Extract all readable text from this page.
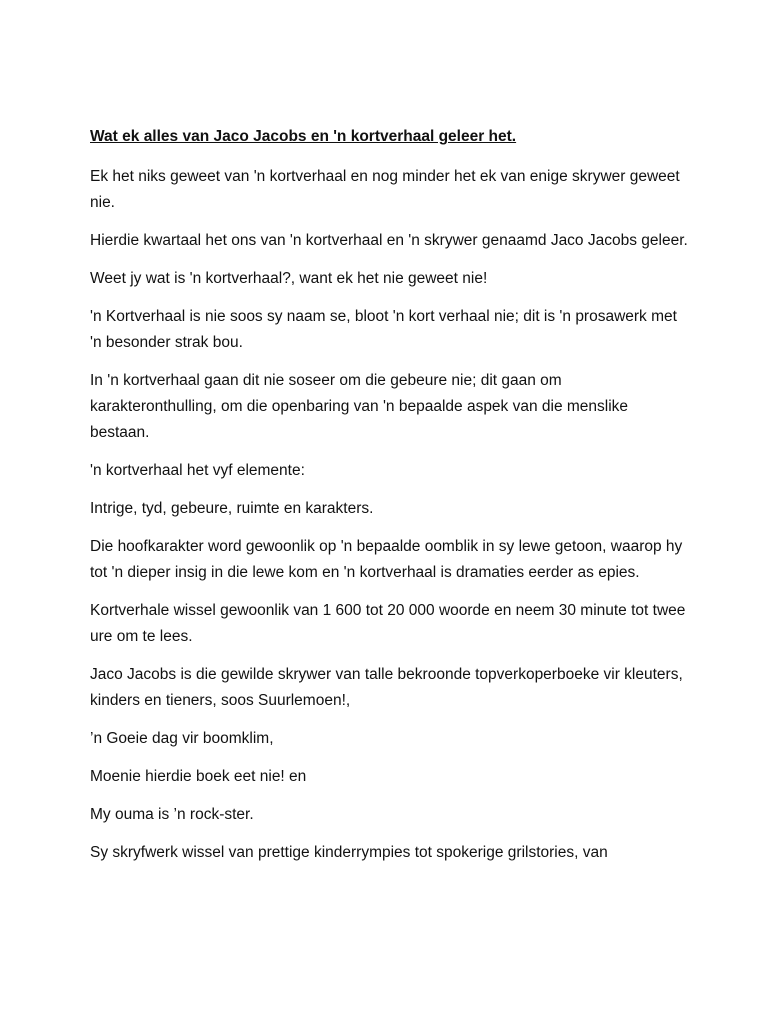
Wat ek alles van Jaco Jacobs en 'n kortverhaal geleer het.

Ek het niks geweet van 'n kortverhaal en nog minder het ek van enige skrywer geweet nie.

Hierdie kwartaal het ons van 'n kortverhaal en 'n skrywer genaamd Jaco Jacobs geleer.

Weet jy wat is 'n kortverhaal?, want ek het nie geweet nie!

'n Kortverhaal is nie soos sy naam se, bloot 'n kort verhaal nie; dit is 'n prosawerk met 'n besonder strak bou.

In 'n kortverhaal gaan dit nie soseer om die gebeure nie; dit gaan om karakteronthulling, om die openbaring van 'n bepaalde aspek van die menslike bestaan.

'n kortverhaal het vyf elemente:

Intrige, tyd, gebeure, ruimte en karakters.

Die hoofkarakter word gewoonlik op 'n bepaalde oomblik in sy lewe getoon, waarop hy tot 'n dieper insig in die lewe kom en 'n kortverhaal is dramaties eerder as epies.

Kortverhale wissel gewoonlik van 1 600 tot 20 000 woorde en neem 30 minute tot twee ure om te lees.

Jaco Jacobs is die gewilde skrywer van talle bekroonde topverkoperboeke vir kleuters, kinders en tieners, soos Suurlemoen!,

’n Goeie dag vir boomklim,

Moenie hierdie boek eet nie! en

My ouma is ’n rock-ster.

Sy skryfwerk wissel van prettige kinderrympies tot spokerige grilstories, van
